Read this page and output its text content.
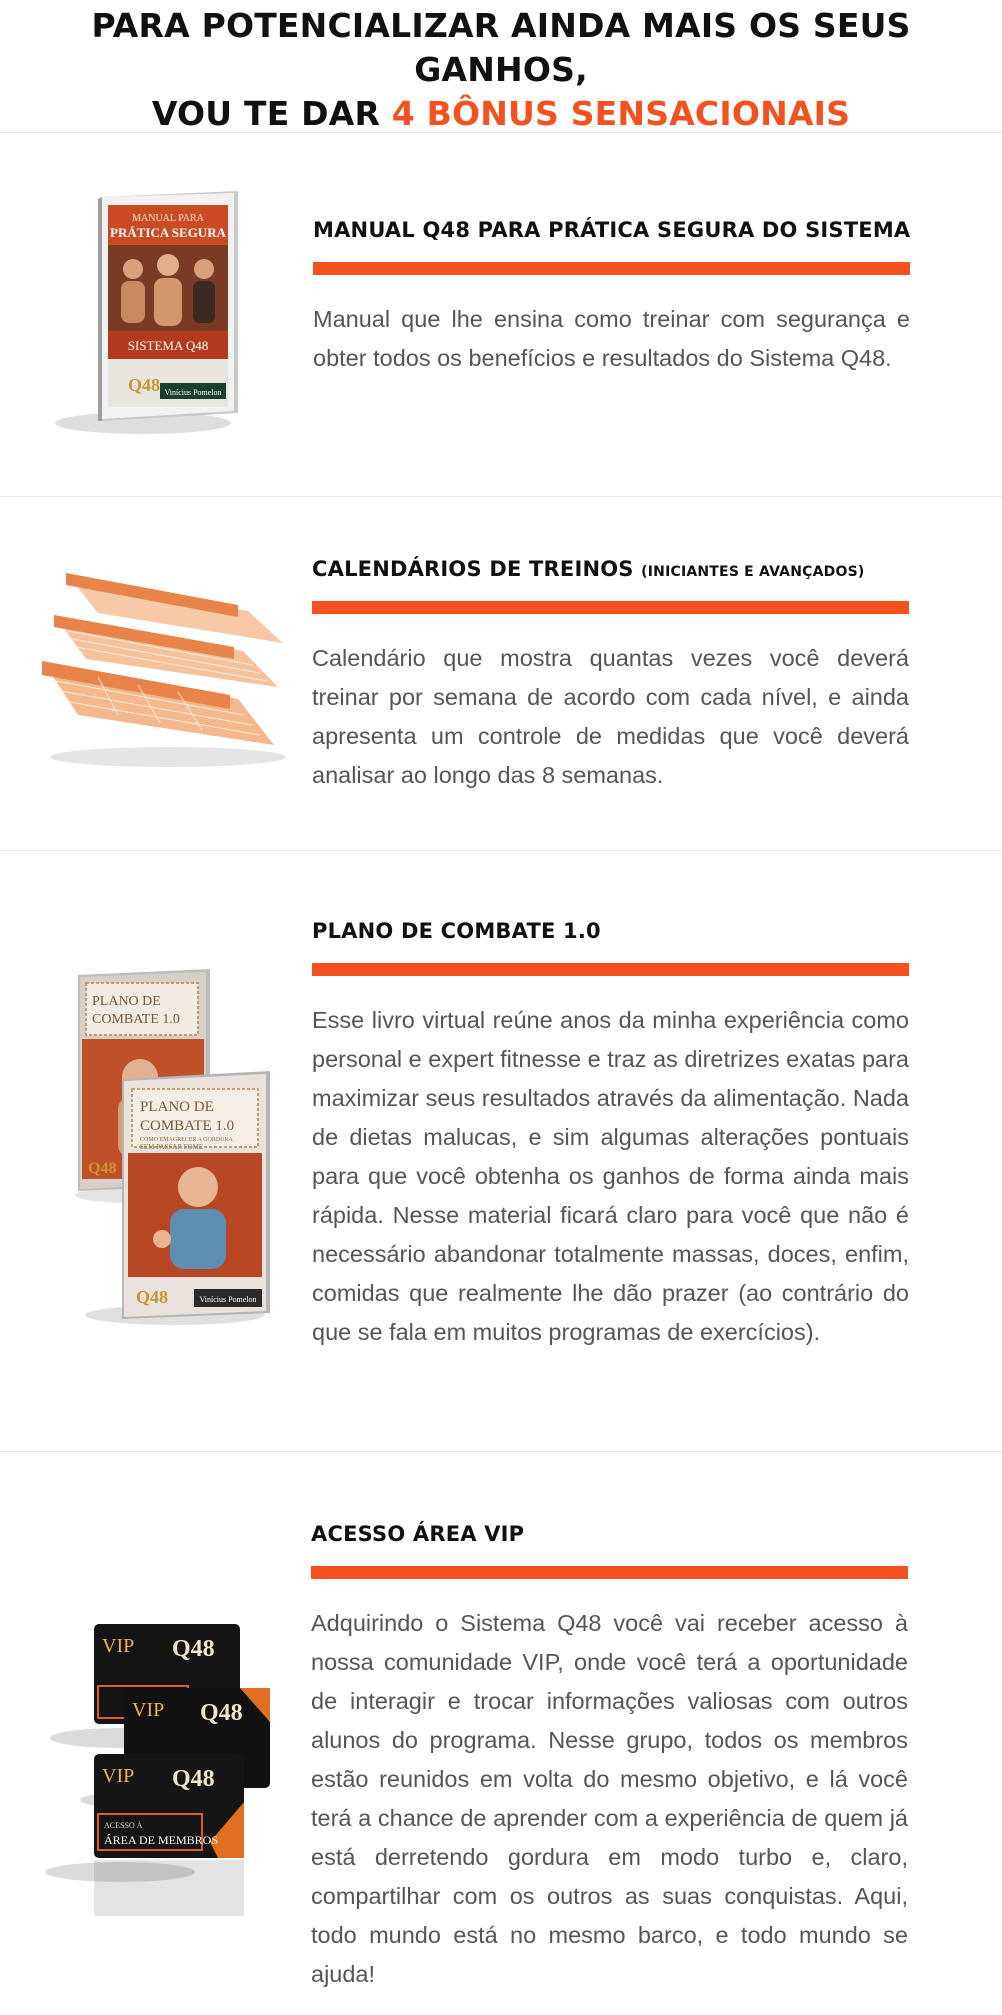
PARA POTENCIALIZAR AINDA MAIS OS SEUS GANHOS,
VOU TE DAR 4 BÔNUS SENSACIONAIS
MANUAL PARA
PRÁTICA SEGURA
SISTEMA Q48
Q48 Vinícius Pomelon
MANUAL Q48 PARA PRÁTICA SEGURA DO SISTEMA
Manual que lhe ensina como treinar com segurança e obter todos os benefícios e resultados do Sistema Q48.
CALENDÁRIOS DE TREINOS (INICIANTES E AVANÇADOS)
Calendário que mostra quantas vezes você deverá treinar por semana de acordo com cada nível, e ainda apresenta um controle de medidas que você deverá analisar ao longo das 8 semanas.
PLANO DE
COMBATE 1.0
Q48
PLANO DE
COMBATE 1.0
COMO EMAGRECER A GORDURA
SEM PASSAR FOME
Q48	Vinícius Pomelon
PLANO DE COMBATE 1.0
Esse livro virtual reúne anos da minha experiência como personal e expert fitnesse e traz as diretrizes exatas para maximizar seus resultados através da alimentação. Nada de dietas malucas, e sim algumas alterações pontuais para que você obtenha os ganhos de forma ainda mais rápida. Nesse material ficará claro para você que não é necessário abandonar totalmente massas, doces, enfim, comidas que realmente lhe dão prazer (ao contrário do que se fala em muitos programas de exercícios).
VIP Q48
VIP Q48
VIP Q48
ACESSO À
ÁREA DE MEMBROS
ACESSO ÁREA VIP
Adquirindo o Sistema Q48 você vai receber acesso à nossa comunidade VIP, onde você terá a oportunidade de interagir e trocar informações valiosas com outros alunos do programa. Nesse grupo, todos os membros estão reunidos em volta do mesmo objetivo, e lá você terá a chance de aprender com a experiência de quem já está derretendo gordura em modo turbo e, claro, compartilhar com os outros as suas conquistas. Aqui, todo mundo está no mesmo barco, e todo mundo se ajuda!
